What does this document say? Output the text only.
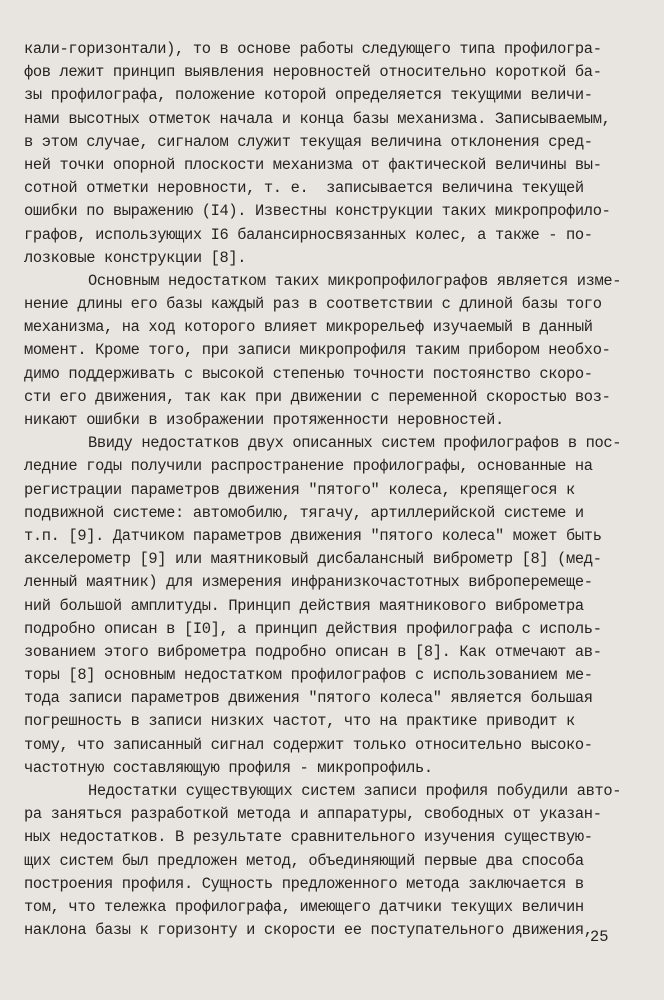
кали-горизонтали), то в основе работы следующего типа профилогра-
фов лежит принцип выявления неровностей относительно короткой ба-
зы профилографа, положение которой определяется текущими величи-
нами высотных отметок начала и конца базы механизма. Записываемым,
в этом случае, сигналом служит текущая величина отклонения сред-
ней точки опорной плоскости механизма от фактической величины вы-
сотной отметки неровности, т. е.  записывается величина текущей
ошибки по выражению (I4). Известны конструкции таких микропрофило-
графов, использующих I6 балансирносвязанных колес, а также - по-
лозковые конструкции [8].
Основным недостатком таких микропрофилографов является изме-
нение длины его базы каждый раз в соответствии с длиной базы того
механизма, на ход которого влияет микрорельеф изучаемый в данный
момент. Кроме того, при записи микропрофиля таким прибором необхо-
димо поддерживать с высокой степенью точности постоянство скоро-
сти его движения, так как при движении с переменной скоростью воз-
никают ошибки в изображении протяженности неровностей.
Ввиду недостатков двух описанных систем профилографов в пос-
ледние годы получили распространение профилографы, основанные на
регистрации параметров движения "пятого" колеса, крепящегося к
подвижной системе: автомобилю, тягачу, артиллерийской системе и
т.п. [9]. Датчиком параметров движения "пятого колеса" может быть
акселерометр [9] или маятниковый дисбалансный виброметр [8] (мед-
ленный маятник) для измерения инфранизкочастотных виброперемеще-
ний большой амплитуды. Принцип действия маятникового виброметра
подробно описан в [I0], а принцип действия профилографа с исполь-
зованием этого виброметра подробно описан в [8]. Как отмечают ав-
торы [8] основным недостатком профилографов с использованием ме-
тода записи параметров движения "пятого колеса" является большая
погрешность в записи низких частот, что на практике приводит к
тому, что записанный сигнал содержит только относительно высоко-
частотную составляющую профиля - микропрофиль.
Недостатки существующих систем записи профиля побудили авто-
ра заняться разработкой метода и аппаратуры, свободных от указан-
ных недостатков. В результате сравнительного изучения существую-
щих систем был предложен метод, объединяющий первые два способа
построения профиля. Сущность предложенного метода заключается в
том, что тележка профилографа, имеющего датчики текущих величин
наклона базы к горизонту и скорости ее поступательного движения,
25
